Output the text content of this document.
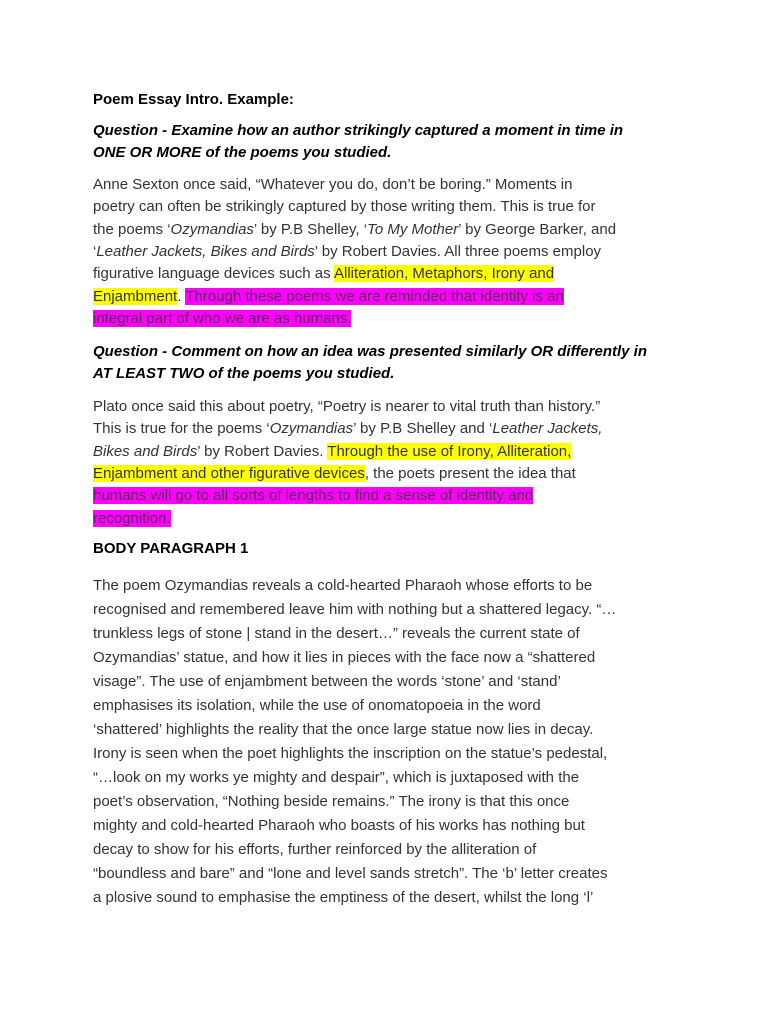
Poem Essay Intro. Example:
Question - Examine how an author strikingly captured a moment in time in
ONE OR MORE of the poems you studied.
Anne Sexton once said, “Whatever you do, don’t be boring.” Moments in
poetry can often be strikingly captured by those writing them. This is true for
the poems ‘Ozymandias’ by P.B Shelley, ‘To My Mother’ by George Barker, and
‘Leather Jackets, Bikes and Birds’ by Robert Davies. All three poems employ
figurative language devices such as Alliteration, Metaphors, Irony and
Enjambment. Through these poems we are reminded that identity is an
integral part of who we are as humans.
Question - Comment on how an idea was presented similarly OR differently in
AT LEAST TWO of the poems you studied.
Plato once said this about poetry, “Poetry is nearer to vital truth than history.”
This is true for the poems ‘Ozymandias’ by P.B Shelley and ‘Leather Jackets,
Bikes and Birds’ by Robert Davies. Through the use of Irony, Alliteration,
Enjambment and other figurative devices, the poets present the idea that
humans will go to all sorts of lengths to find a sense of identity and
recognition.
BODY PARAGRAPH 1
The poem Ozymandias reveals a cold-hearted Pharaoh whose efforts to be
recognised and remembered leave him with nothing but a shattered legacy. “…
trunkless legs of stone | stand in the desert…” reveals the current state of
Ozymandias’ statue, and how it lies in pieces with the face now a “shattered
visage”. The use of enjambment between the words ‘stone’ and ‘stand’
emphasises its isolation, while the use of onomatopoeia in the word
‘shattered’ highlights the reality that the once large statue now lies in decay.
Irony is seen when the poet highlights the inscription on the statue’s pedestal,
“…look on my works ye mighty and despair”, which is juxtaposed with the
poet’s observation, “Nothing beside remains.” The irony is that this once
mighty and cold-hearted Pharaoh who boasts of his works has nothing but
decay to show for his efforts, further reinforced by the alliteration of
“boundless and bare” and “lone and level sands stretch”. The ‘b’ letter creates
a plosive sound to emphasise the emptiness of the desert, whilst the long ‘l’
